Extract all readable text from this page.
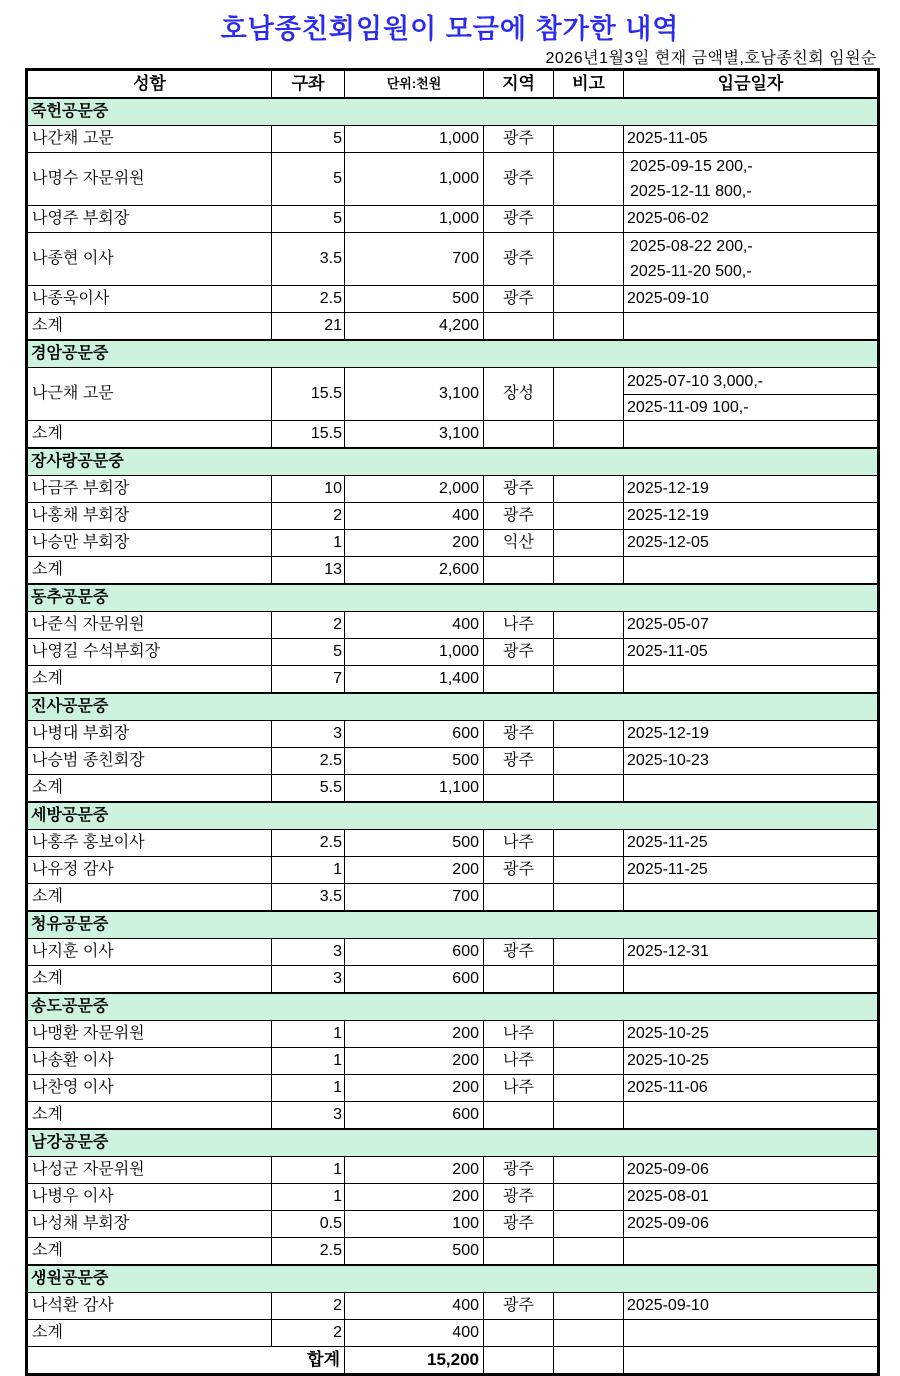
호남종친회임원이 모금에 참가한 내역
2026년1월3일 현재 금액별,호남종친회 임원순
성함	구좌	단위:천원	지역	비고	입금일자
죽헌공문중					
나간채 고문	5	1,000	광주		2025-11-05
나명수 자문위원	5	1,000	광주		2025-09-15 200,-
2025-12-11 800,-

나영주 부회장	5	1,000	광주		2025-06-02
나종현 이사	3.5	700	광주		2025-08-22 200,-
2025-11-20 500,-

나종욱이사	2.5	500	광주		2025-09-10
소계	21	4,200			
경암공문중					
나근채 고문	15.5	3,100	장성		2025-07-10 3,000,-
2025-11-09 100,-

소계	15.5	3,100			
장사랑공문중					
나금주 부회장	10	2,000	광주		2025-12-19
나홍채 부회장	2	400	광주		2025-12-19
나승만 부회장	1	200	익산		2025-12-05
소계	13	2,600			
동추공문중					
나준식 자문위원	2	400	나주		2025-05-07
나영길 수석부회장	5	1,000	광주		2025-11-05
소계	7	1,400			
진사공문중					
나병대 부회장	3	600	광주		2025-12-19
나승범 종친회장	2.5	500	광주		2025-10-23
소계	5.5	1,100			
세방공문중					
나홍주 홍보이사	2.5	500	나주		2025-11-25
나유정 감사	1	200	광주		2025-11-25
소계	3.5	700			
청유공문중					
나지훈 이사	3	600	광주		2025-12-31
소계	3	600			
송도공문중					
나맹환 자문위원	1	200	나주		2025-10-25
나송환 이사	1	200	나주		2025-10-25
나찬영 이사	1	200	나주		2025-11-06
소계	3	600			
남강공문중					
나성군 자문위원	1	200	광주		2025-09-06
나병우 이사	1	200	광주		2025-08-01
나성채 부회장	0.5	100	광주		2025-09-06
소계	2.5	500			
생원공문중					
나석환 감사	2	400	광주		2025-09-10
소계	2	400			
합계		15,200			
